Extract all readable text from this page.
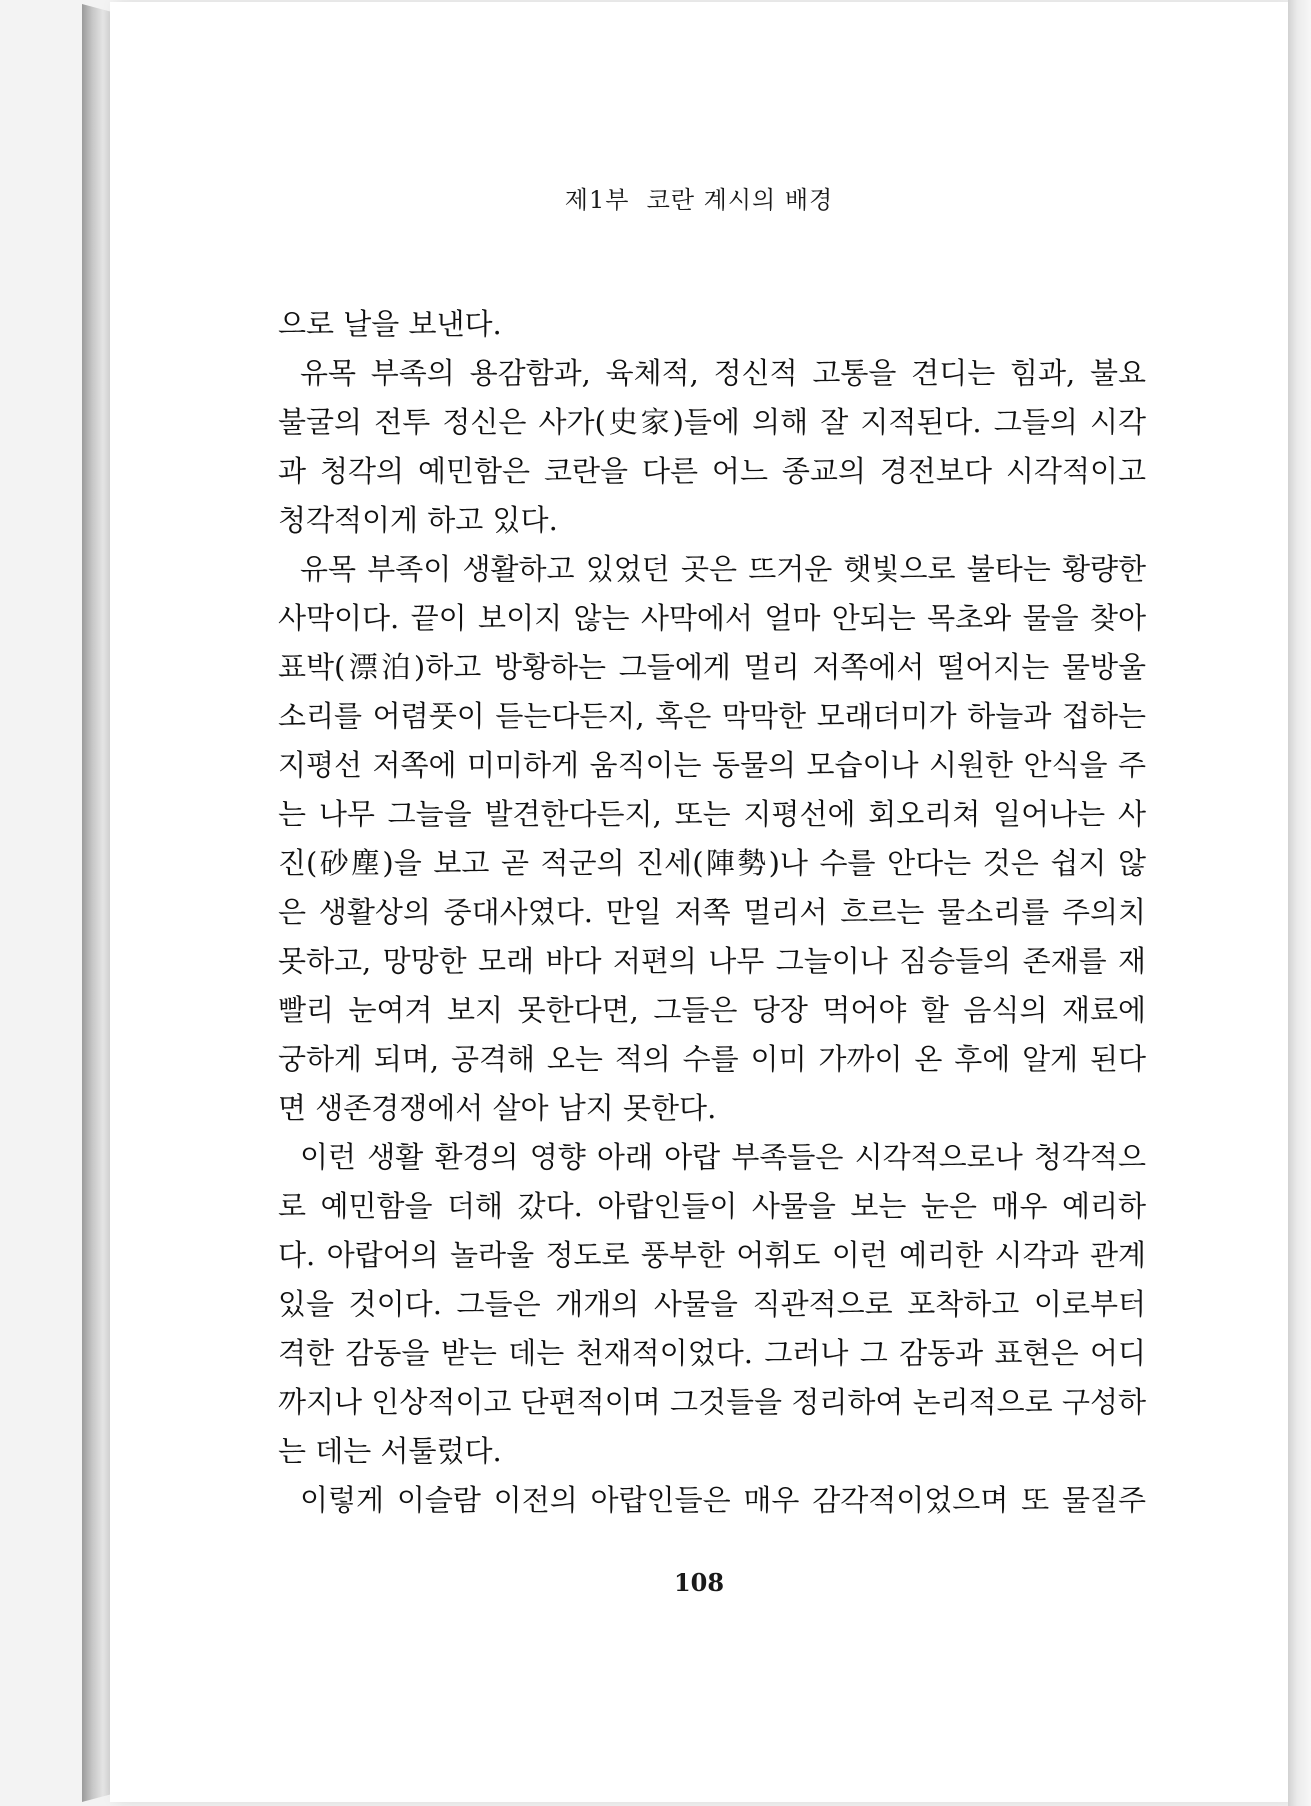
제1부  코란 계시의 배경
으로 날을 보낸다.
유목 부족의 용감함과, 육체적, 정신적 고통을 견디는 힘과, 불요
불굴의 전투 정신은 사가(史家)들에 의해 잘 지적된다. 그들의 시각
과 청각의 예민함은 코란을 다른 어느 종교의 경전보다 시각적이고
청각적이게 하고 있다.
유목 부족이 생활하고 있었던 곳은 뜨거운 햇빛으로 불타는 황량한
사막이다. 끝이 보이지 않는 사막에서 얼마 안되는 목초와 물을 찾아
표박(漂泊)하고 방황하는 그들에게 멀리 저쪽에서 떨어지는 물방울
소리를 어렴풋이 듣는다든지, 혹은 막막한 모래더미가 하늘과 접하는
지평선 저쪽에 미미하게 움직이는 동물의 모습이나 시원한 안식을 주
는 나무 그늘을 발견한다든지, 또는 지평선에 회오리쳐 일어나는 사
진(砂塵)을 보고 곧 적군의 진세(陣勢)나 수를 안다는 것은 쉽지 않
은 생활상의 중대사였다. 만일 저쪽 멀리서 흐르는 물소리를 주의치
못하고, 망망한 모래 바다 저편의 나무 그늘이나 짐승들의 존재를 재
빨리 눈여겨 보지 못한다면, 그들은 당장 먹어야 할 음식의 재료에
궁하게 되며, 공격해 오는 적의 수를 이미 가까이 온 후에 알게 된다
면 생존경쟁에서 살아 남지 못한다.
이런 생활 환경의 영향 아래 아랍 부족들은 시각적으로나 청각적으
로 예민함을 더해 갔다. 아랍인들이 사물을 보는 눈은 매우 예리하
다. 아랍어의 놀라울 정도로 풍부한 어휘도 이런 예리한 시각과 관계
있을 것이다. 그들은 개개의 사물을 직관적으로 포착하고 이로부터
격한 감동을 받는 데는 천재적이었다. 그러나 그 감동과 표현은 어디
까지나 인상적이고 단편적이며 그것들을 정리하여 논리적으로 구성하
는 데는 서툴렀다.
이렇게 이슬람 이전의 아랍인들은 매우 감각적이었으며 또 물질주
108
